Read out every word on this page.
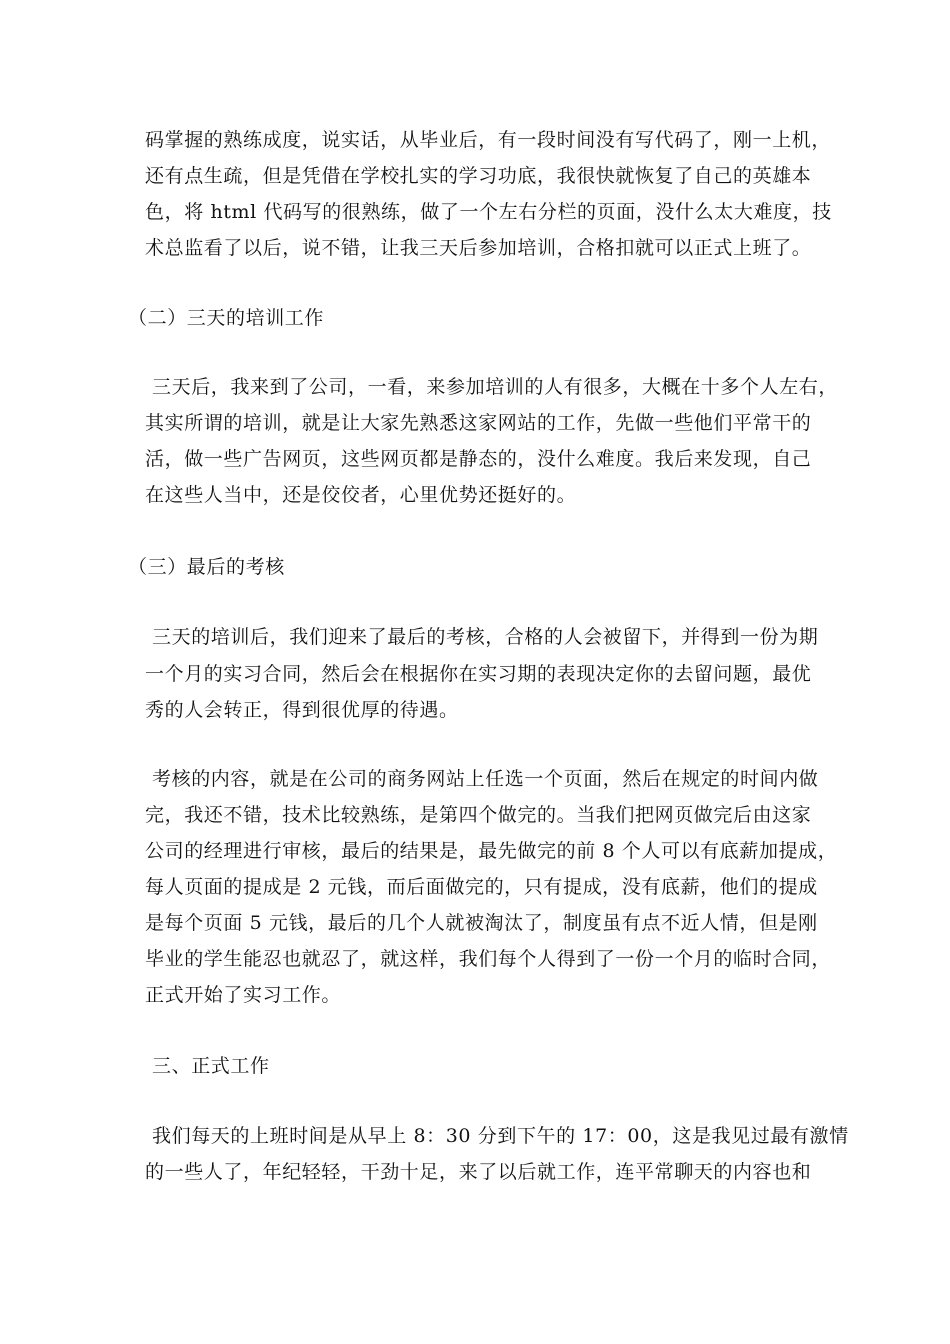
码掌握的熟练成度，说实话，从毕业后，有一段时间没有写代码了，刚一上机，
还有点生疏，但是凭借在学校扎实的学习功底，我很快就恢复了自己的英雄本
色，将 html 代码写的很熟练，做了一个左右分栏的页面，没什么太大难度，技
术总监看了以后，说不错，让我三天后参加培训，合格扣就可以正式上班了。
（二）三天的培训工作
三天后，我来到了公司，一看，来参加培训的人有很多，大概在十多个人左右，
其实所谓的培训，就是让大家先熟悉这家网站的工作，先做一些他们平常干的
活，做一些广告网页，这些网页都是静态的，没什么难度。我后来发现，自己
在这些人当中，还是佼佼者，心里优势还挺好的。
（三）最后的考核
三天的培训后，我们迎来了最后的考核，合格的人会被留下，并得到一份为期
一个月的实习合同，然后会在根据你在实习期的表现决定你的去留问题，最优
秀的人会转正，得到很优厚的待遇。
考核的内容，就是在公司的商务网站上任选一个页面，然后在规定的时间内做
完，我还不错，技术比较熟练，是第四个做完的。当我们把网页做完后由这家
公司的经理进行审核，最后的结果是，最先做完的前 8 个人可以有底薪加提成，
每人页面的提成是 2 元钱，而后面做完的，只有提成，没有底薪，他们的提成
是每个页面 5 元钱，最后的几个人就被淘汰了，制度虽有点不近人情，但是刚
毕业的学生能忍也就忍了，就这样，我们每个人得到了一份一个月的临时合同，
正式开始了实习工作。
三、正式工作
我们每天的上班时间是从早上 8：30 分到下午的 17：00，这是我见过最有激情
的一些人了，年纪轻轻，干劲十足，来了以后就工作，连平常聊天的内容也和
